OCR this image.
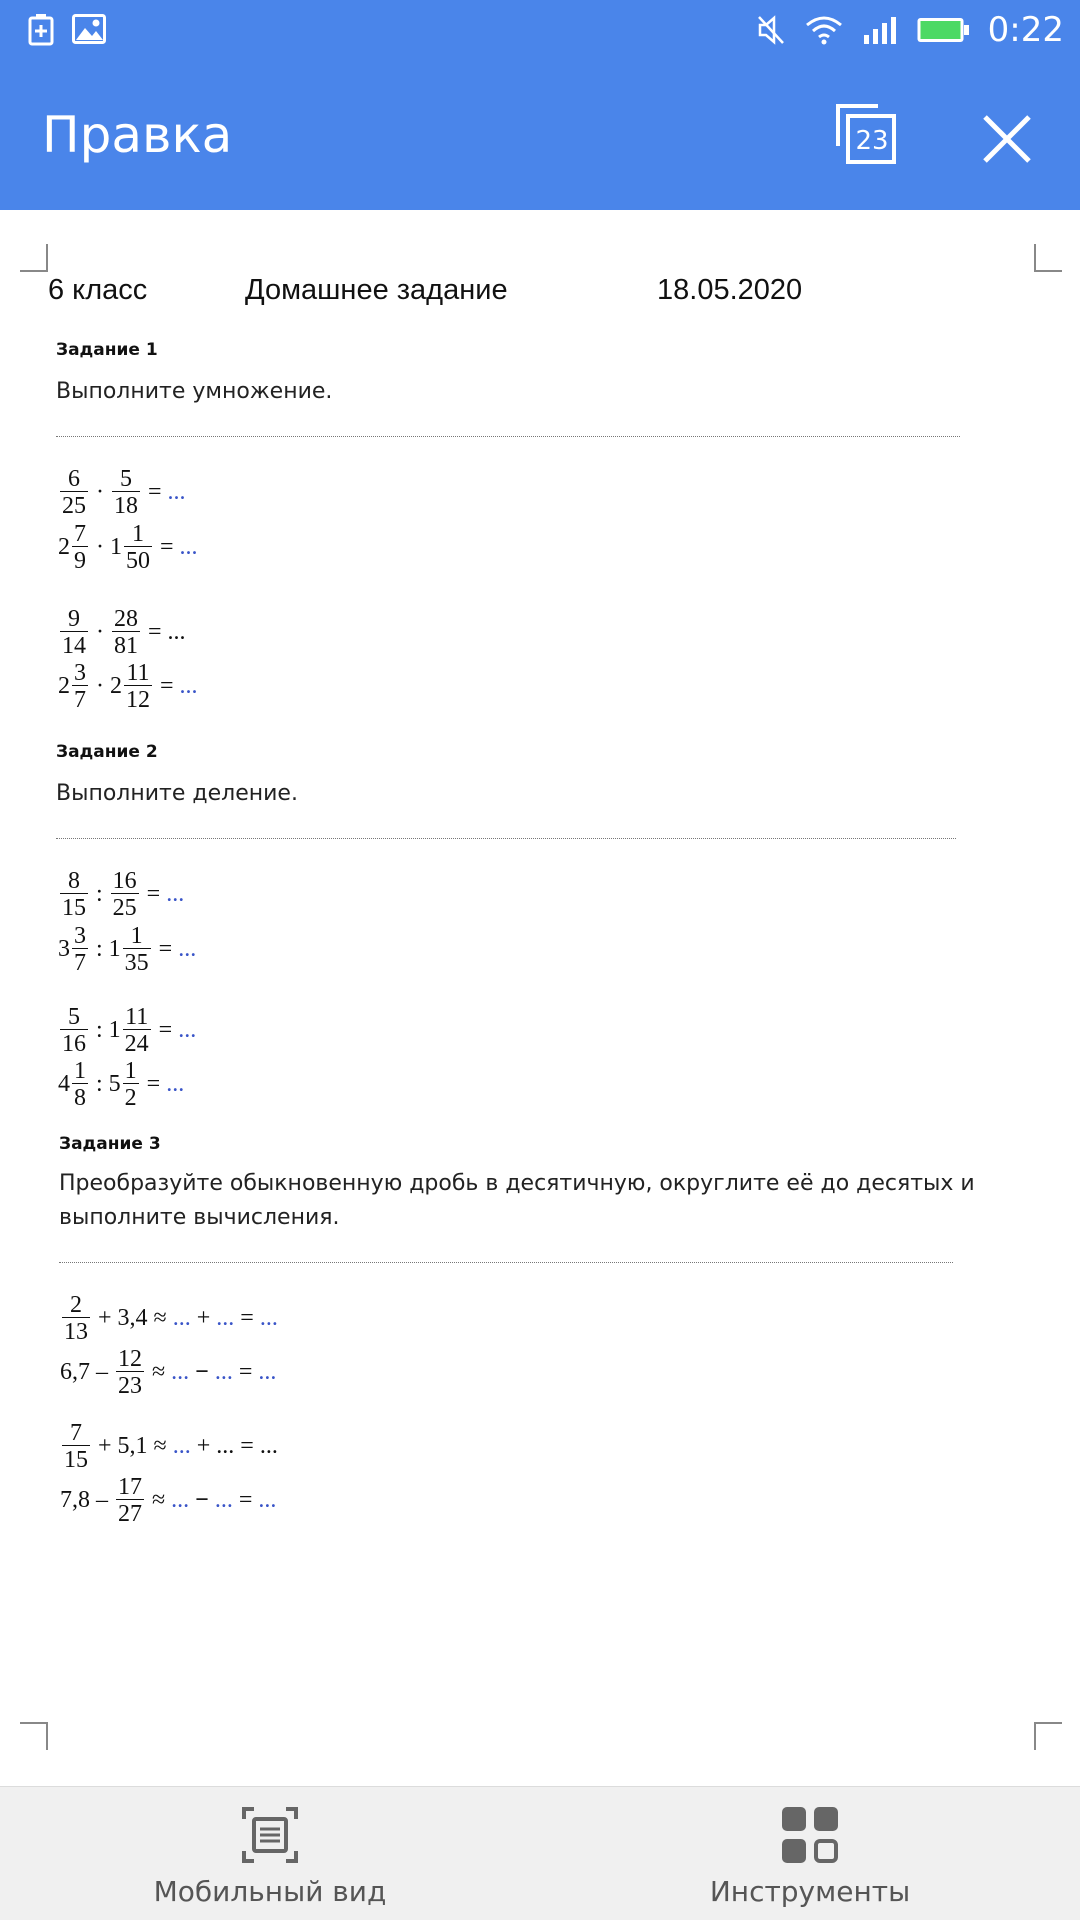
0:22
Правка	23
6 класс	Домашнее задание	18.05.2020
Задание 1
Выполните умножение.
$\frac{6}{25} \cdot \frac{5}{18}$ = ...
$2 \frac{7}{9} \cdot 1 \frac{1}{50}$ = ...
$\frac{9}{14} \cdot \frac{28}{81}$ = ...
$2 \frac{3}{7} \cdot 2 \frac{11}{12}$ = ...
Задание 2
Выполните деление.
$\frac{8}{15}$ : $\frac{16}{25}$ = ...
$3 \frac{3}{7}$ : $1 \frac{1}{35}$ = ...
$\frac{5}{16}$ : $1 \frac{11}{24}$ = ...
$4 \frac{1}{8}$ : $5 \frac{1}{2}$ = ...
Задание 3
Преобразуйте обыкновенную дробь в десятичную, округлите её до десятых и
выполните вычисления.
$\frac{2}{13} + 3,4$ ≈ ... + ... = ...
$6,7 - \frac{12}{23}$ ≈ ... − ... = ...
$\frac{7}{15} + 5,1$ ≈ ... + ... = ...
$7,8 - \frac{17}{27}$ ≈ ... − ... = ...
Мобильный вид	Инструменты
